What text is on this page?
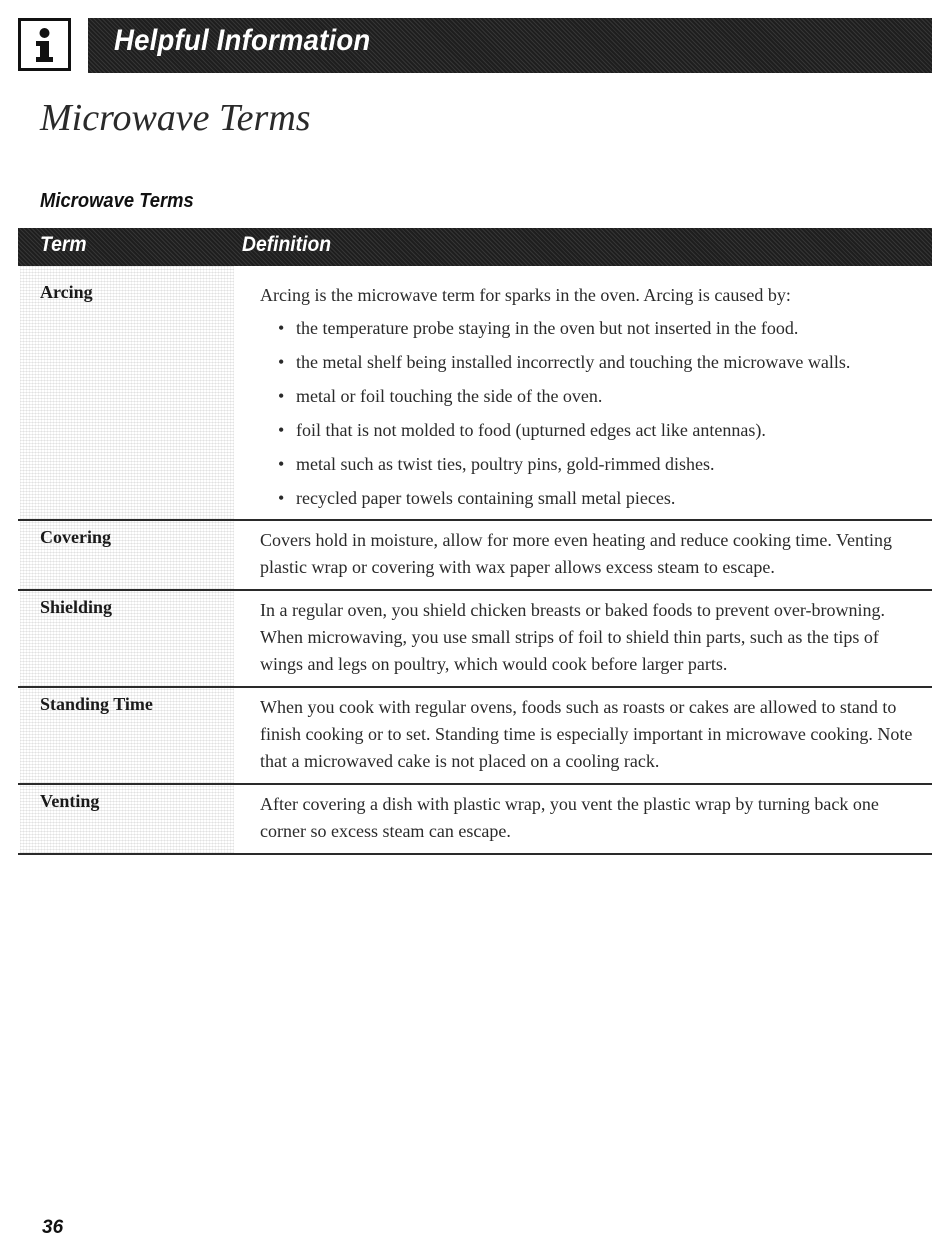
Helpful Information
Microwave Terms
Microwave Terms
Term	Definition
Arcing	Arcing is the microwave term for sparks in the oven. Arcing is caused by:
• the temperature probe staying in the oven but not inserted in the food.
• the metal shelf being installed incorrectly and touching the microwave walls.
• metal or foil touching the side of the oven.
• foil that is not molded to food (upturned edges act like antennas).
• metal such as twist ties, poultry pins, gold-rimmed dishes.
• recycled paper towels containing small metal pieces.
Covering	Covers hold in moisture, allow for more even heating and reduce cooking time. Venting plastic wrap or covering with wax paper allows excess steam to escape.
Shielding	In a regular oven, you shield chicken breasts or baked foods to prevent over-browning. When microwaving, you use small strips of foil to shield thin parts, such as the tips of wings and legs on poultry, which would cook before larger parts.
Standing Time	When you cook with regular ovens, foods such as roasts or cakes are allowed to stand to finish cooking or to set. Standing time is especially important in microwave cooking. Note that a microwaved cake is not placed on a cooling rack.
Venting	After covering a dish with plastic wrap, you vent the plastic wrap by turning back one corner so excess steam can escape.
36
